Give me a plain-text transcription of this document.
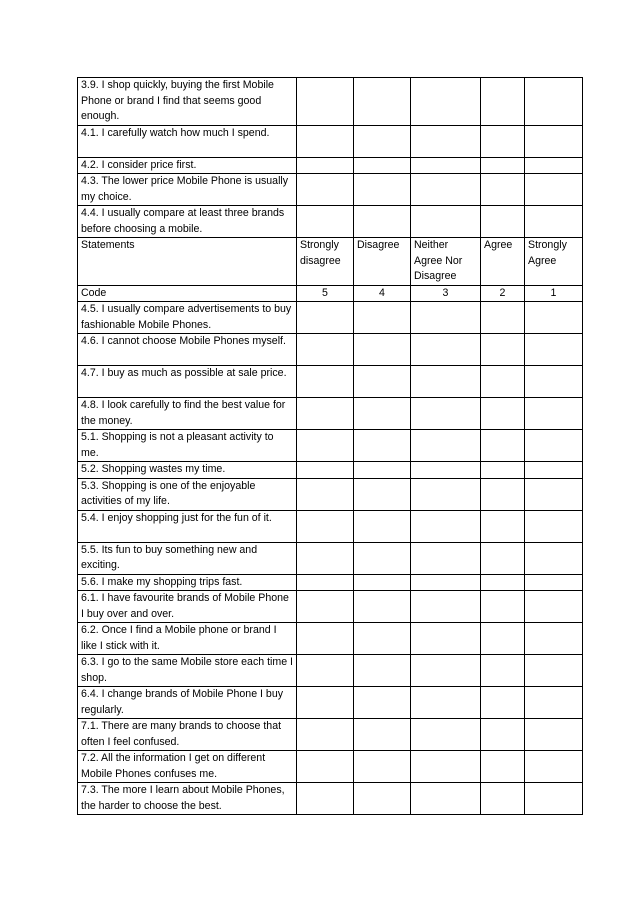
3.9. I shop quickly, buying the first Mobile Phone or brand I find that seems good enough.					
4.1. I carefully watch how much I spend.					
4.2. I consider price first.					
4.3. The lower price Mobile Phone is usually my choice.					
4.4. I usually compare at least three brands before choosing a mobile.					
Statements	Strongly disagree	Disagree	Neither Agree Nor Disagree	Agree	Strongly Agree
Code	5	4	3	2	1
4.5. I usually compare advertisements to buy fashionable Mobile Phones.					
4.6. I cannot choose Mobile Phones myself.					
4.7. I buy as much as possible at sale price.					
4.8. I look carefully to find the best value for the money.					
5.1. Shopping is not a pleasant activity to me.					
5.2. Shopping wastes my time.					
5.3. Shopping is one of the enjoyable activities of my life.					
5.4. I enjoy shopping just for the fun of it.					
5.5. Its fun to buy something new and exciting.					
5.6. I make my shopping trips fast.					
6.1. I have favourite brands of Mobile Phone I buy over and over.					
6.2. Once I find a Mobile phone or brand I like I stick with it.					
6.3. I go to the same Mobile store each time I shop.					
6.4. I change brands of Mobile Phone I buy regularly.					
7.1. There are many brands to choose that often I feel confused.					
7.2. All the information I get on different Mobile Phones confuses me.					
7.3. The more I learn about Mobile Phones, the harder to choose the best.					
